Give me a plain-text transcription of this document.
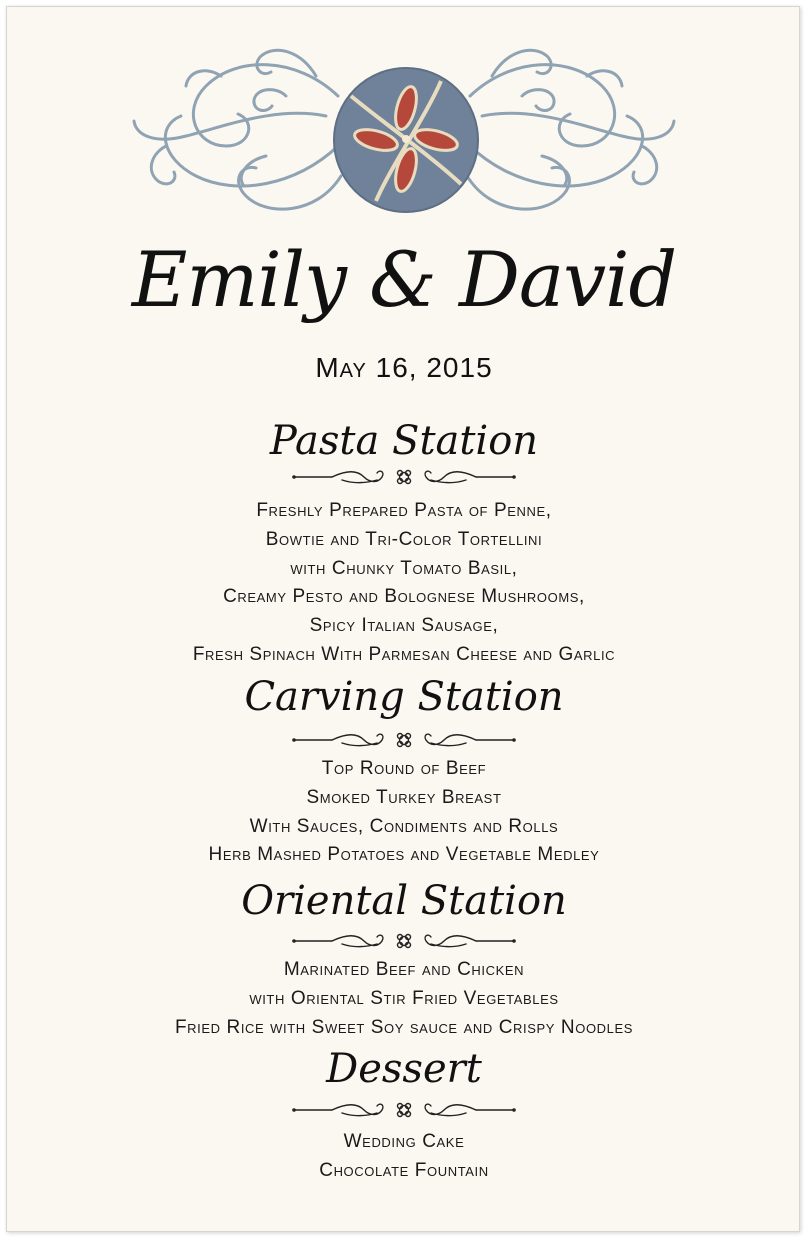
Emily & David
May 16, 2015
Pasta Station
Freshly Prepared Pasta of Penne,
Bowtie and Tri-Color Tortellini
with Chunky Tomato Basil,
Creamy Pesto and Bolognese Mushrooms,
Spicy Italian Sausage,
Fresh Spinach With Parmesan Cheese and Garlic
Carving Station
Top Round of Beef
Smoked Turkey Breast
With Sauces, Condiments and Rolls
Herb Mashed Potatoes and Vegetable Medley
Oriental Station
Marinated Beef and Chicken
with Oriental Stir Fried Vegetables
Fried Rice with Sweet Soy sauce and Crispy Noodles
Dessert
Wedding Cake
Chocolate Fountain
